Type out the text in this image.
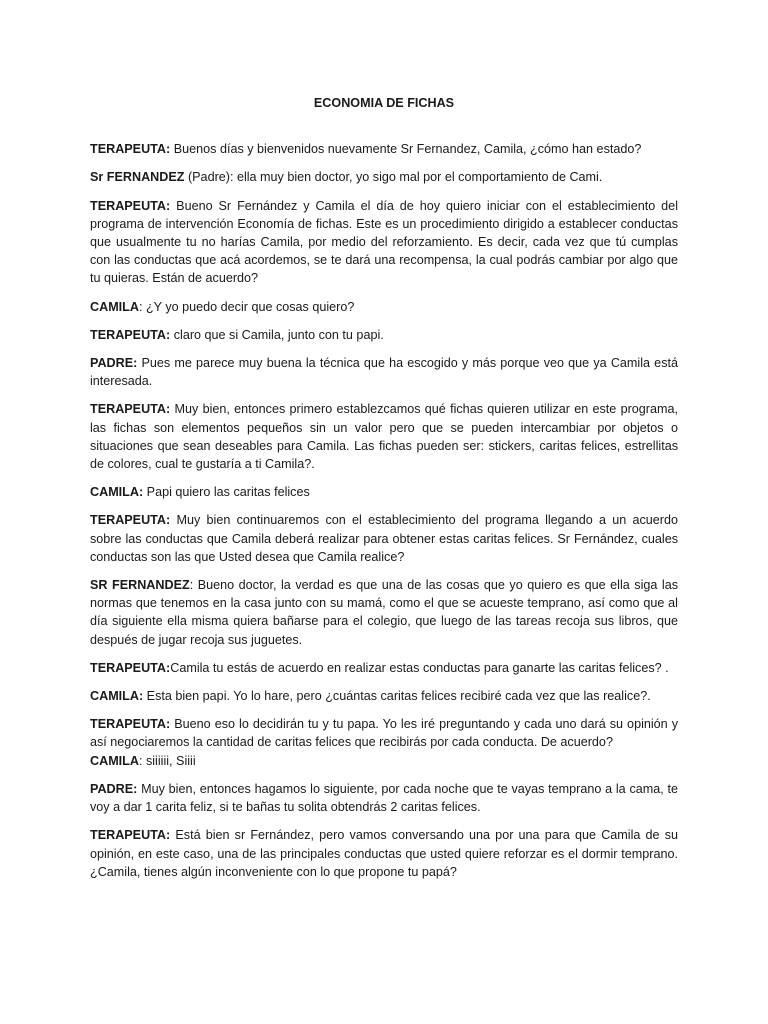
ECONOMIA DE FICHAS

TERAPEUTA: Buenos días y bienvenidos nuevamente Sr Fernandez, Camila, ¿cómo han estado?

Sr FERNANDEZ (Padre): ella muy bien doctor, yo sigo mal por el comportamiento de Cami.

TERAPEUTA: Bueno Sr Fernández y Camila el día de hoy quiero iniciar con el establecimiento del programa de intervención Economía de fichas. Este es un procedimiento dirigido a establecer conductas que usualmente tu no harías Camila, por medio del reforzamiento. Es decir, cada vez que tú cumplas con las conductas que acá acordemos, se te dará una recompensa, la cual podrás cambiar por algo que tu quieras. Están de acuerdo?

CAMILA: ¿Y yo puedo decir que cosas quiero?

TERAPEUTA: claro que si Camila, junto con tu papi.

PADRE: Pues me parece muy buena la técnica que ha escogido y más porque veo que ya Camila está interesada.

TERAPEUTA: Muy bien, entonces primero establezcamos qué fichas quieren utilizar en este programa, las fichas son elementos pequeños sin un valor pero que se pueden intercambiar por objetos o situaciones que sean deseables para Camila. Las fichas pueden ser: stickers, caritas felices, estrellitas de colores, cual te gustaría a ti Camila?.

CAMILA: Papi quiero las caritas felices

TERAPEUTA: Muy bien continuaremos con el establecimiento del programa llegando a un acuerdo sobre las conductas que Camila deberá realizar para obtener estas caritas felices. Sr Fernández, cuales conductas son las que Usted desea que Camila realice?

SR FERNANDEZ: Bueno doctor, la verdad es que una de las cosas que yo quiero es que ella siga las normas que tenemos en la casa junto con su mamá, como el que se acueste temprano, así como que al día siguiente ella misma quiera bañarse para el colegio, que luego de las tareas recoja sus libros, que después de jugar recoja sus juguetes.

TERAPEUTA:Camila tu estás de acuerdo en realizar estas conductas para ganarte las caritas felices? .

CAMILA: Esta bien papi. Yo lo hare, pero ¿cuántas caritas felices recibiré cada vez que las realice?.

TERAPEUTA: Bueno eso lo decidirán tu y tu papa. Yo les iré preguntando y cada uno dará su opinión y así negociaremos la cantidad de caritas felices que recibirás por cada conducta. De acuerdo?

CAMILA: siiiiii, Siiii

PADRE: Muy bien, entonces hagamos lo siguiente, por cada noche que te vayas temprano a la cama, te voy a dar 1 carita feliz, si te bañas tu solita obtendrás 2 caritas felices.

TERAPEUTA: Está bien sr Fernández, pero vamos conversando una por una para que Camila de su opinión, en este caso, una de las principales conductas que usted quiere reforzar es el dormir temprano. ¿Camila, tienes algún inconveniente con lo que propone tu papá?
